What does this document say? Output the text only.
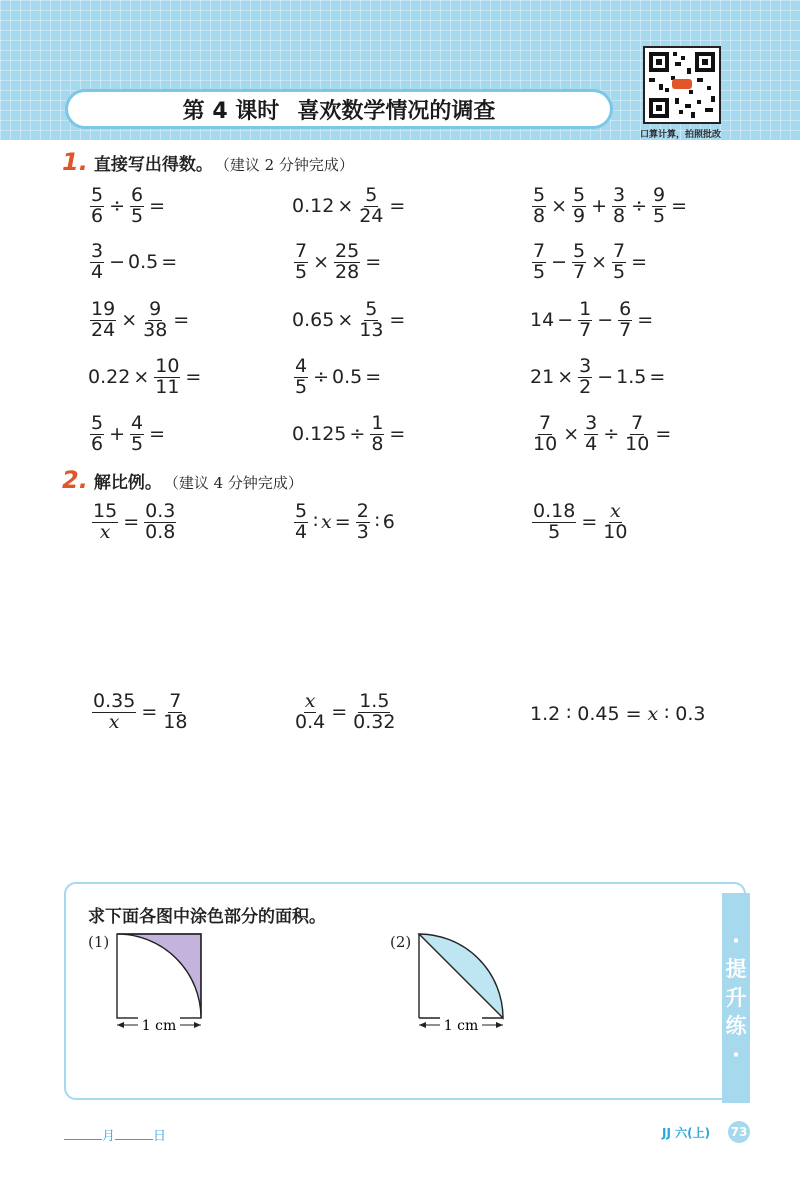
第 4 课时 喜欢数学情况的调查
口算计算，拍照批改
1. 直接写出得数。 （建议 2 分钟完成）
$\frac{5}{6} \div \frac{6}{5}$ =	$0.12 \times \frac{5}{24}$ =	$\frac{5}{8} \times \frac{5}{9} + \frac{3}{8} \div \frac{9}{5}$ =
$\frac{3}{4} - 0.5$ =	$\frac{7}{5} \times \frac{25}{28}$ =	$\frac{7}{5} - \frac{5}{7} \times \frac{7}{5}$ =
$\frac{19}{24} \times \frac{9}{38}$ =	$0.65 \times \frac{5}{13}$ =	$14 - \frac{1}{7} - \frac{6}{7}$ =
$0.22 \times \frac{10}{11}$ =	$\frac{4}{5} \div 0.5$ =	$21 \times \frac{3}{2} - 1.5$ =
$\frac{5}{6} + \frac{4}{5}$ =	$0.125 \div \frac{1}{8}$ =	$\frac{7}{10} \times \frac{3}{4} \div \frac{7}{10}$ =
2. 解比例。 （建议 4 分钟完成）
$\frac{15}{x} = \frac{0.3}{0.8}$	$\frac{5}{4}$ ∶ $x = \frac{2}{3}$ ∶ 6	$\frac{0.18}{5} = \frac{x}{10}$
$\frac{0.35}{x} = \frac{7}{18}$	$\frac{x}{0.4} = \frac{1.5}{0.32}$	1.2 ∶ 0.45 = x ∶ 0.3
·
提
升
练
·
求下面各图中涂色部分的面积。
(1)
1 cm
(2)
1 cm
月	日	JJ 六(上) 73
